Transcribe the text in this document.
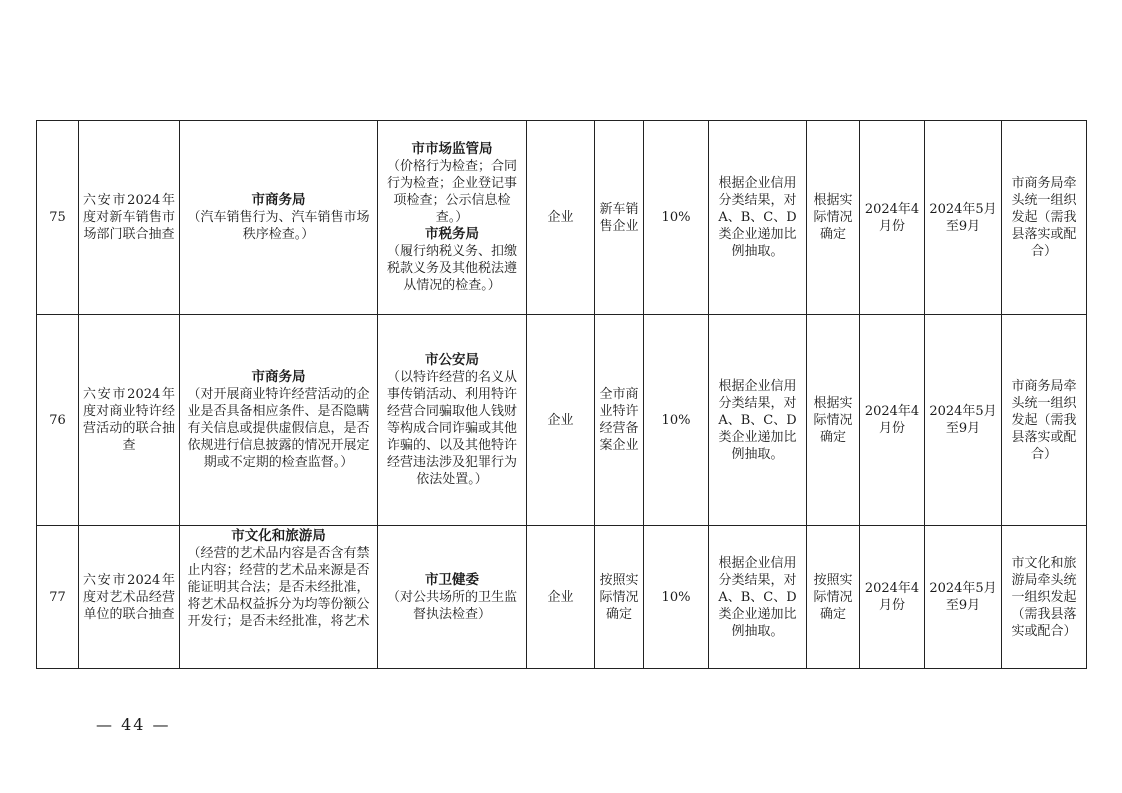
75	六安市2024年度对新车销售市场部门联合抽查	市商务局
（汽车销售行为、汽车销售市场秩序检查。）	市市场监管局
（价格行为检查；合同行为检查；企业登记事项检查；公示信息检查。）
市税务局
（履行纳税义务、扣缴税款义务及其他税法遵从情况的检查。）	企业	新车销售企业	10%	根据企业信用分类结果，对A、B、C、D类企业递加比例抽取。	根据实际情况确定	2024年4月份	2024年5月至9月	市商务局牵头统一组织发起（需我县落实或配合）
76	六安市2024年度对商业特许经营活动的联合抽查	市商务局
（对开展商业特许经营活动的企业是否具备相应条件、是否隐瞒有关信息或提供虚假信息，是否依规进行信息披露的情况开展定期或不定期的检查监督。）	市公安局
（以特许经营的名义从事传销活动、利用特许经营合同骗取他人钱财等构成合同诈骗或其他诈骗的、以及其他特许经营违法涉及犯罪行为依法处置。）	企业	全市商业特许经营备案企业	10%	根据企业信用分类结果，对A、B、C、D类企业递加比例抽取。	根据实际情况确定	2024年4月份	2024年5月至9月	市商务局牵头统一组织发起（需我县落实或配合）
77	六安市2024年度对艺术品经营单位的联合抽查	市文化和旅游局
（经营的艺术品内容是否含有禁止内容；经营的艺术品来源是否能证明其合法；是否未经批准，将艺术品权益拆分为均等份额公开发行；是否未经批准，将艺术	市卫健委
（对公共场所的卫生监督执法检查）	企业	按照实际情况确定	10%	根据企业信用分类结果，对A、B、C、D类企业递加比例抽取。	按照实际情况确定	2024年4月份	2024年5月至9月	市文化和旅游局牵头统一组织发起（需我县落实或配合）
— 44 —
